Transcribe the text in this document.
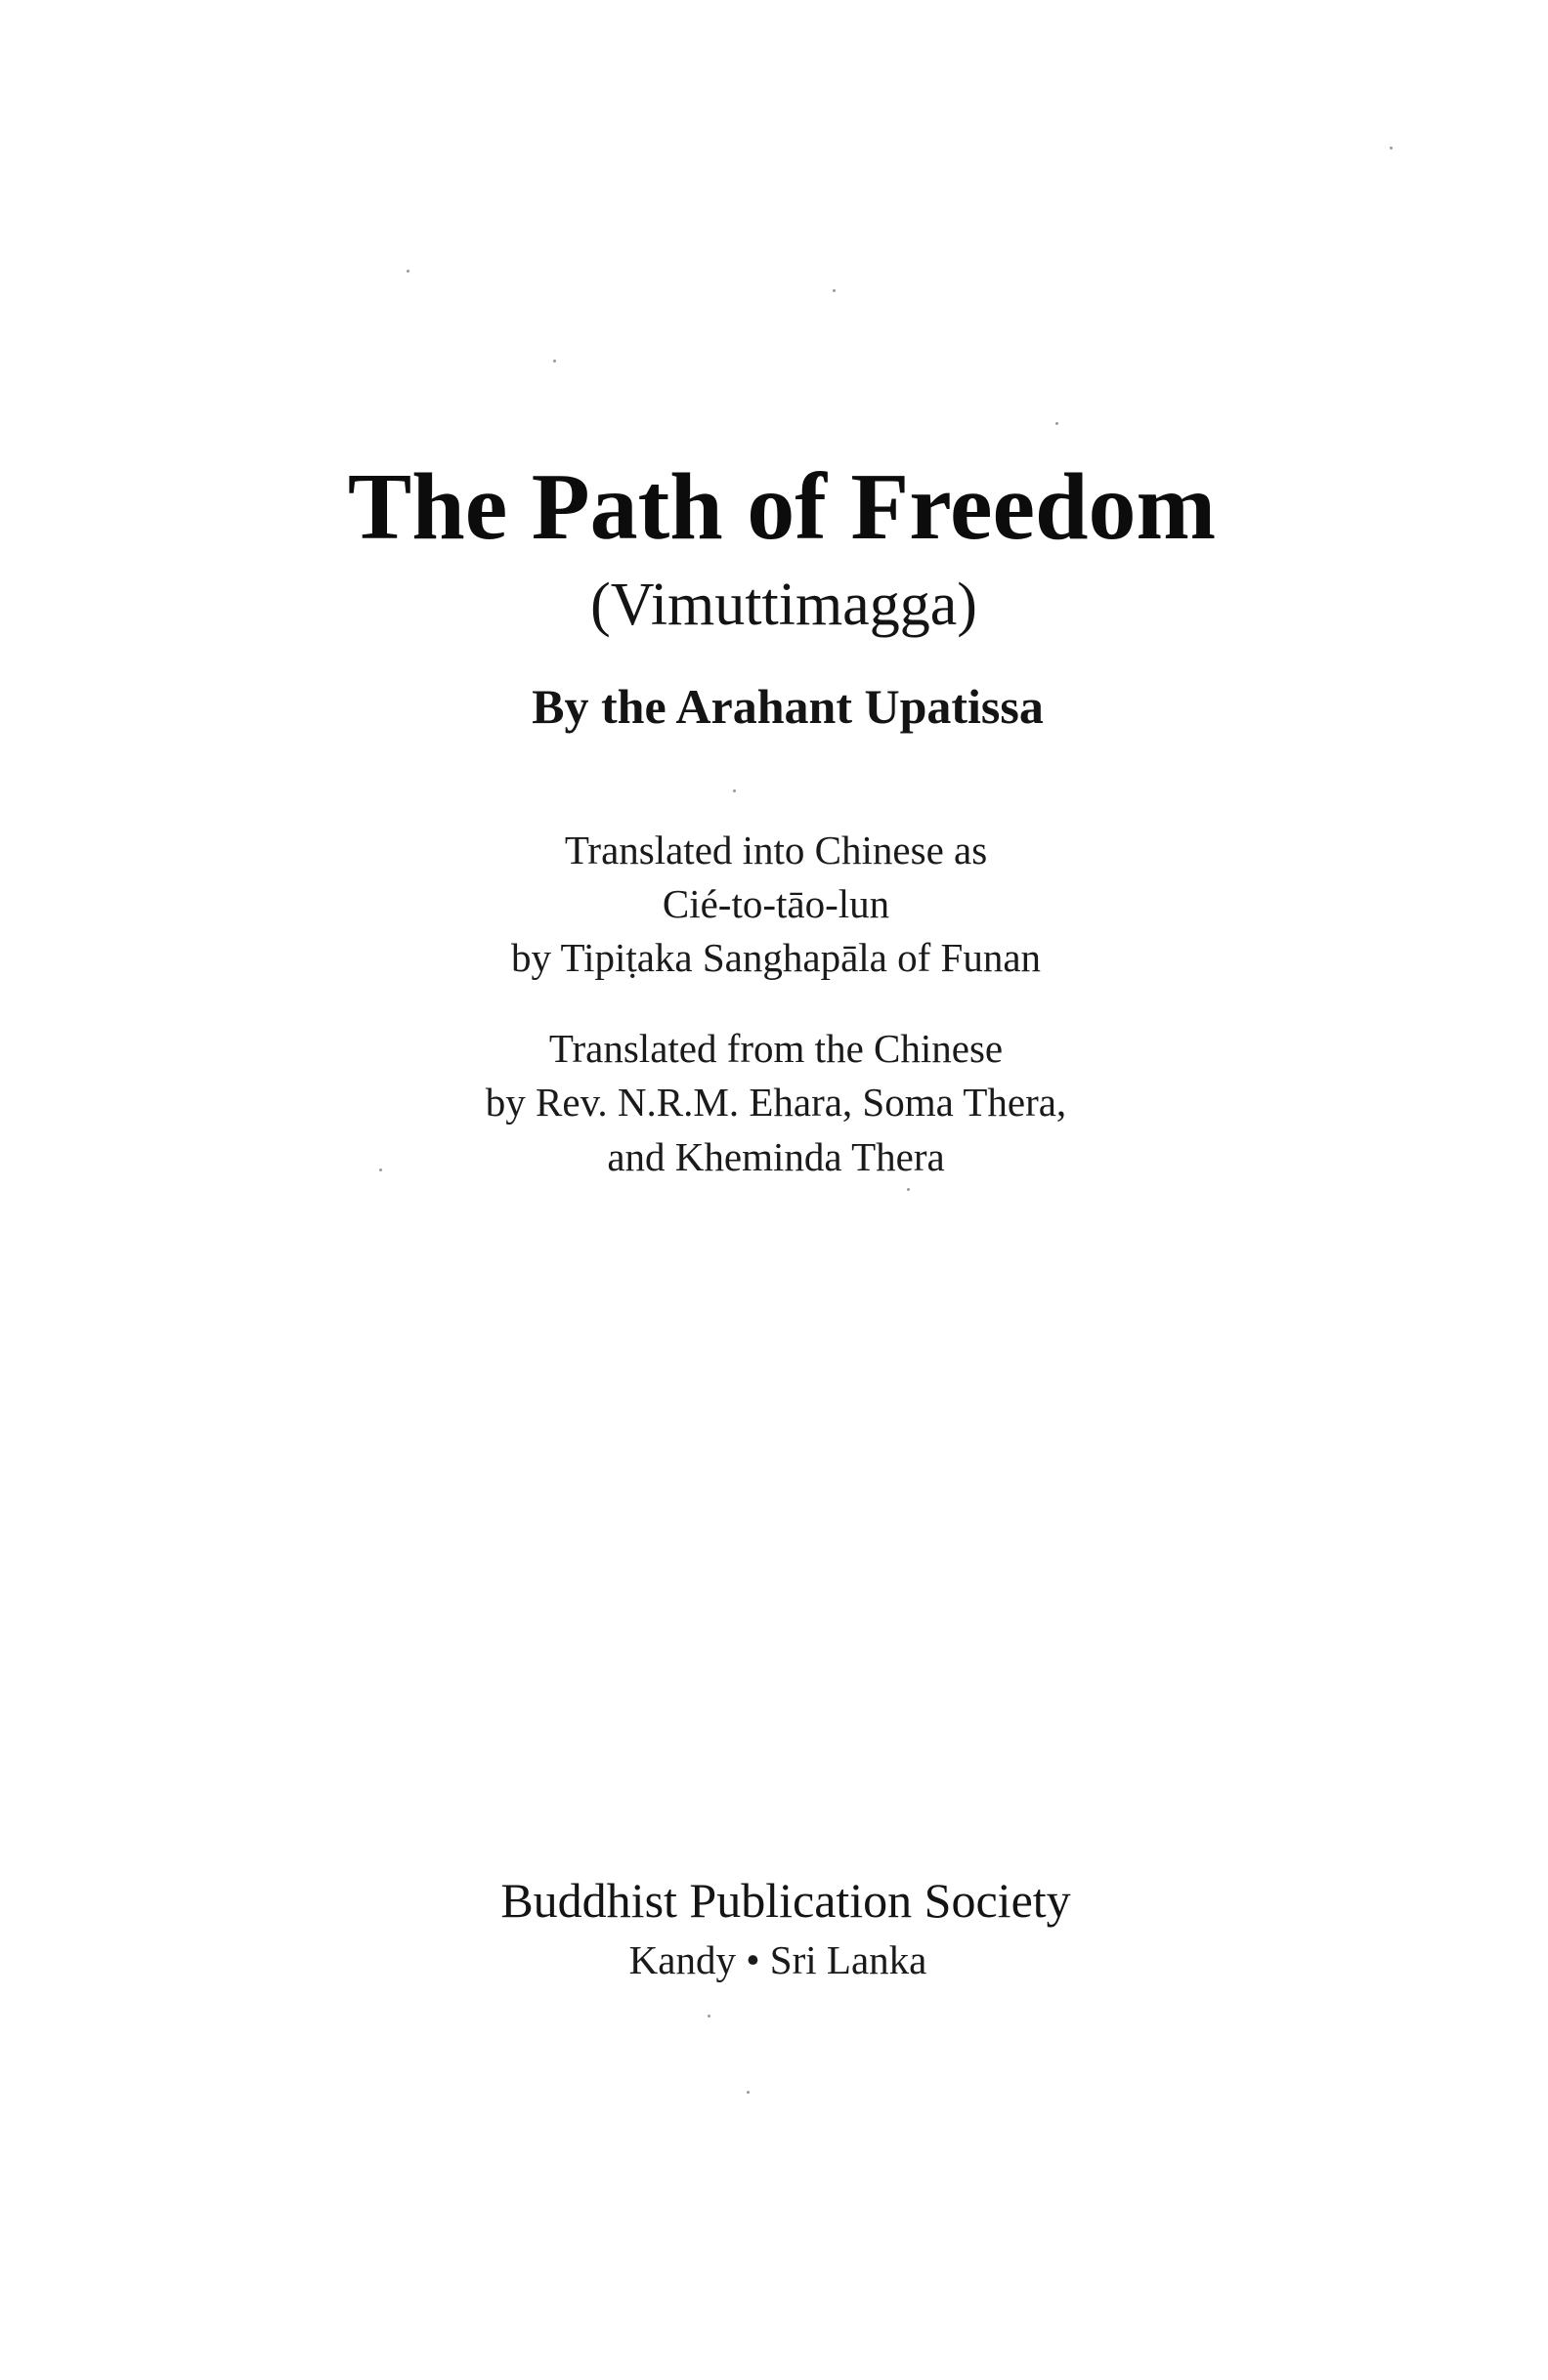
The Path of Freedom
(Vimuttimagga)
By the Arahant Upatissa
Translated into Chinese as
Cié-to-tāo-lun
by Tipiṭaka Sanghapāla of Funan
Translated from the Chinese
by Rev. N.R.M. Ehara, Soma Thera,
and Kheminda Thera
Buddhist Publication Society
Kandy • Sri Lanka
